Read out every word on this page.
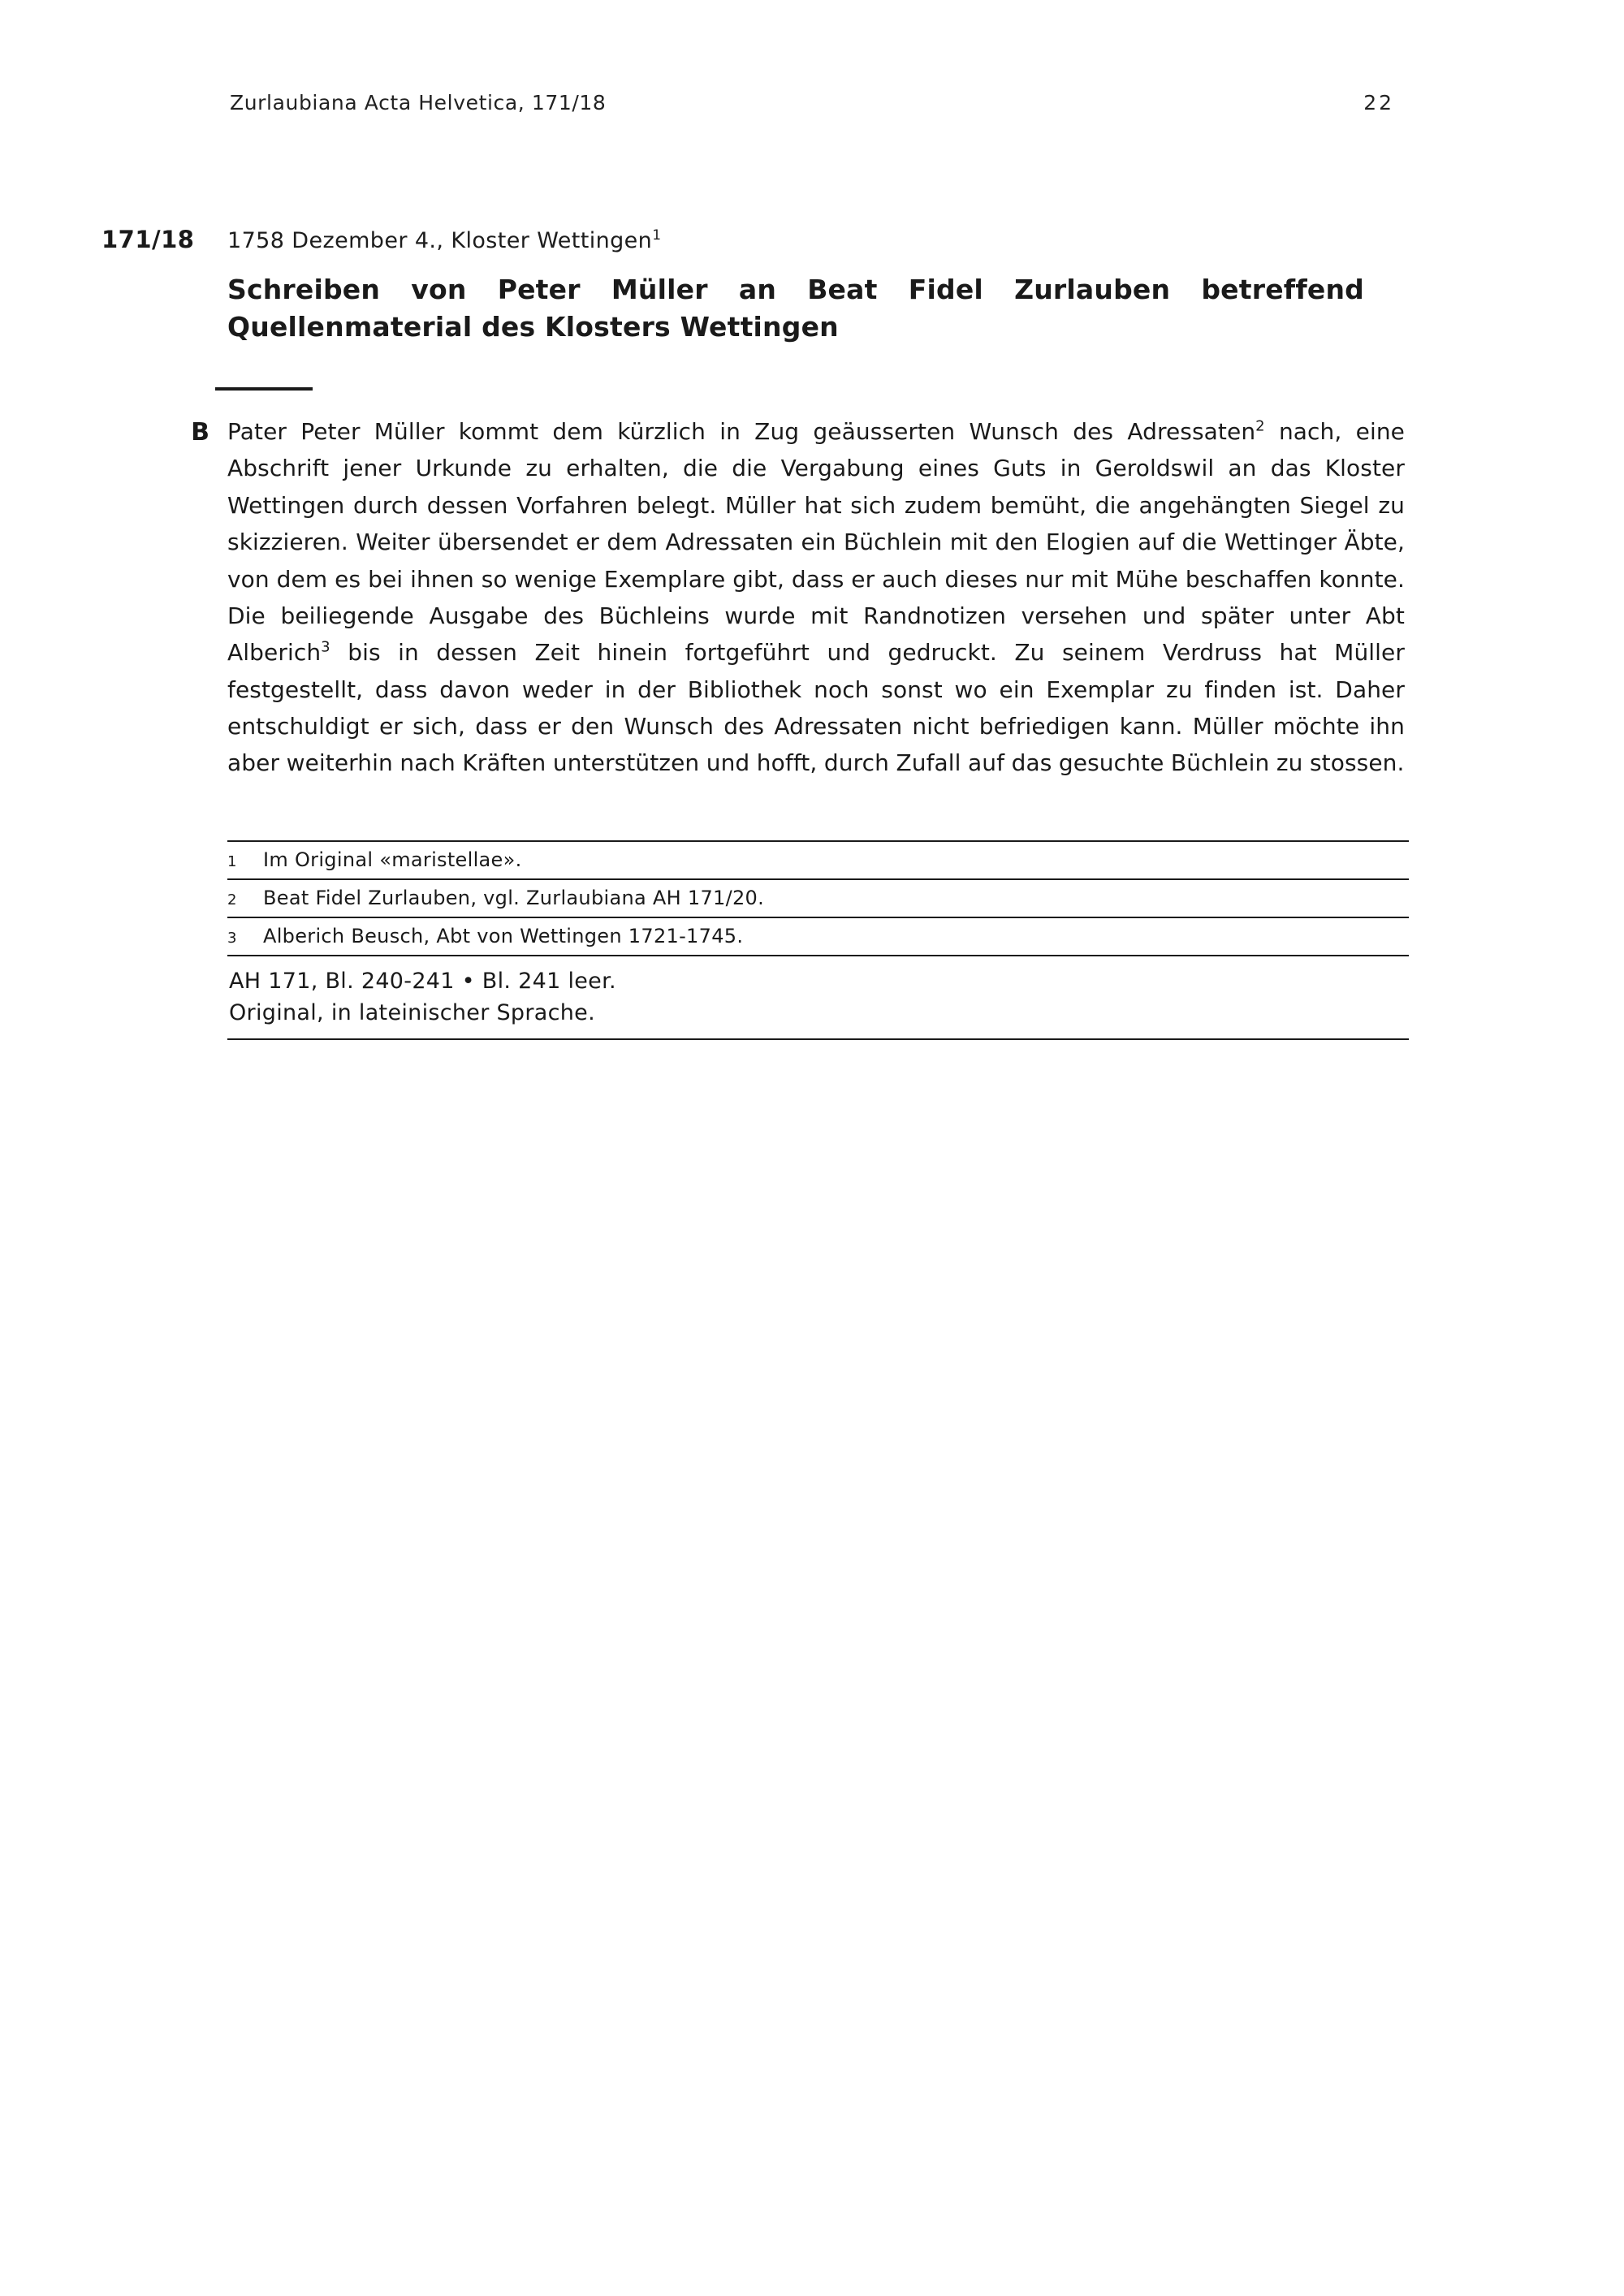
Zurlaubiana Acta Helvetica, 171/18	22
171/18	1758 Dezember 4., Kloster Wettingen$^1$
Schreiben von Peter Müller an Beat Fidel Zurlauben betreffend Quellenmaterial des Klosters Wettingen
B Pater Peter Müller kommt dem kürzlich in Zug geäusserten Wunsch des Adressaten$^2$ nach, eine Abschrift jener Urkunde zu erhalten, die die Vergabung eines Guts in Geroldswil an das Kloster Wettingen durch dessen Vorfahren belegt. Müller hat sich zudem bemüht, die angehängten Siegel zu skizzieren. Weiter übersendet er dem Adressaten ein Büchlein mit den Elogien auf die Wettinger Äbte, von dem es bei ihnen so wenige Exemplare gibt, dass er auch dieses nur mit Mühe beschaffen konnte. Die beiliegende Ausgabe des Büchleins wurde mit Randnotizen versehen und später unter Abt Alberich$^3$ bis in dessen Zeit hinein fortgeführt und gedruckt. Zu seinem Verdruss hat Müller festgestellt, dass davon weder in der Bibliothek noch sonst wo ein Exemplar zu finden ist. Daher entschuldigt er sich, dass er den Wunsch des Adressaten nicht befriedigen kann. Müller möchte ihn aber weiterhin nach Kräften unterstützen und hofft, durch Zufall auf das gesuchte Büchlein zu stossen.
1	Im Original «maristellae».
2	Beat Fidel Zurlauben, vgl. Zurlaubiana AH 171/20.
3	Alberich Beusch, Abt von Wettingen 1721-1745.
AH 171, Bl. 240-241 • Bl. 241 leer.
Original, in lateinischer Sprache.
